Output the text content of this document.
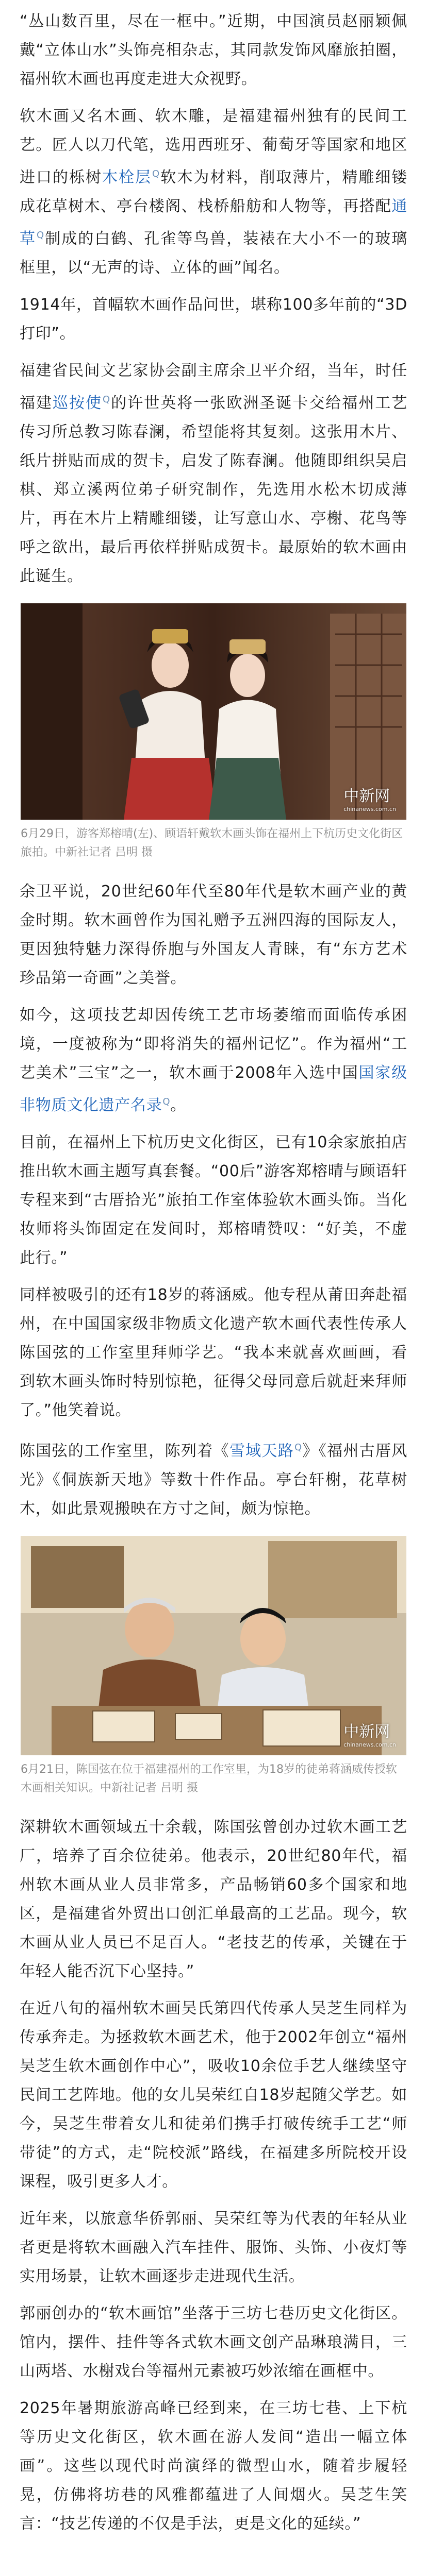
“丛山数百里，尽在一框中。”近期，中国演员赵丽颖佩戴“立体山水”头饰亮相杂志，其同款发饰风靡旅拍圈，福州软木画也再度走进大众视野。

软木画又名木画、软木雕，是福建福州独有的民间工艺。匠人以刀代笔，选用西班牙、葡萄牙等国家和地区进口的栎树木栓层$^Q$软木为材料，削取薄片，精雕细镂成花草树木、亭台楼阁、栈桥船舫和人物等，再搭配通草$^Q$制成的白鹤、孔雀等鸟兽，装裱在大小不一的玻璃框里，以“无声的诗、立体的画”闻名。

1914年，首幅软木画作品问世，堪称100多年前的“3D打印”。

福建省民间文艺家协会副主席余卫平介绍，当年，时任福建巡按使$^Q$的许世英将一张欧洲圣诞卡交给福州工艺传习所总教习陈春澜，希望能将其复刻。这张用木片、纸片拼贴而成的贺卡，启发了陈春澜。他随即组织吴启棋、郑立溪两位弟子研究制作，先选用水松木切成薄片，再在木片上精雕细镂，让写意山水、亭榭、花鸟等呼之欲出，最后再依样拼贴成贺卡。最原始的软木画由此诞生。

中新网
chinanews.com.cn
6月29日，游客郑榕晴(左)、顾语轩戴软木画头饰在福州上下杭历史文化街区旅拍。中新社记者 吕明 摄

余卫平说，20世纪60年代至80年代是软木画产业的黄金时期。软木画曾作为国礼赠予五洲四海的国际友人，更因独特魅力深得侨胞与外国友人青睐，有“东方艺术珍品第一奇画”之美誉。

如今，这项技艺却因传统工艺市场萎缩而面临传承困境，一度被称为“即将消失的福州记忆”。作为福州“工艺美术”三宝”之一，软木画于2008年入选中国国家级非物质文化遗产名录$^Q$。

目前，在福州上下杭历史文化街区，已有10余家旅拍店推出软木画主题写真套餐。“00后”游客郑榕晴与顾语轩专程来到“古厝拾光”旅拍工作室体验软木画头饰。当化妆师将头饰固定在发间时，郑榕晴赞叹：“好美，不虚此行。”

同样被吸引的还有18岁的蒋涵威。他专程从莆田奔赴福州，在中国国家级非物质文化遗产软木画代表性传承人陈国弦的工作室里拜师学艺。“我本来就喜欢画画，看到软木画头饰时特别惊艳，征得父母同意后就赶来拜师了。”他笑着说。

陈国弦的工作室里，陈列着《雪域天路$^Q$》《福州古厝风光》《侗族新天地》等数十件作品。亭台轩榭，花草树木，如此景观搬映在方寸之间，颇为惊艳。

中新网
chinanews.com.cn
6月21日，陈国弦在位于福建福州的工作室里，为18岁的徒弟蒋涵威传授软木画相关知识。中新社记者 吕明 摄

深耕软木画领域五十余载，陈国弦曾创办过软木画工艺厂，培养了百余位徒弟。他表示，20世纪80年代，福州软木画从业人员非常多，产品畅销60多个国家和地区，是福建省外贸出口创汇单最高的工艺品。现今，软木画从业人员已不足百人。“老技艺的传承，关键在于年轻人能否沉下心坚持。”

在近八旬的福州软木画吴氏第四代传承人吴芝生同样为传承奔走。为拯救软木画艺术，他于2002年创立“福州吴芝生软木画创作中心”，吸收10余位手艺人继续坚守民间工艺阵地。他的女儿吴荣红自18岁起随父学艺。如今，吴芝生带着女儿和徒弟们携手打破传统手工艺“师带徒”的方式，走“院校派”路线，在福建多所院校开设课程，吸引更多人才。

近年来，以旅意华侨郭丽、吴荣红等为代表的年轻从业者更是将软木画融入汽车挂件、服饰、头饰、小夜灯等实用场景，让软木画逐步走进现代生活。

郭丽创办的“软木画馆”坐落于三坊七巷历史文化街区。馆内，摆件、挂件等各式软木画文创产品琳琅满目，三山两塔、水榭戏台等福州元素被巧妙浓缩在画框中。

2025年暑期旅游高峰已经到来，在三坊七巷、上下杭等历史文化街区，软木画在游人发间“造出一幅立体画”。这些以现代时尚演绎的微型山水，随着步履轻晃，仿佛将坊巷的风雅都蕴进了人间烟火。吴芝生笑言：“技艺传递的不仅是手法，更是文化的延续。”
